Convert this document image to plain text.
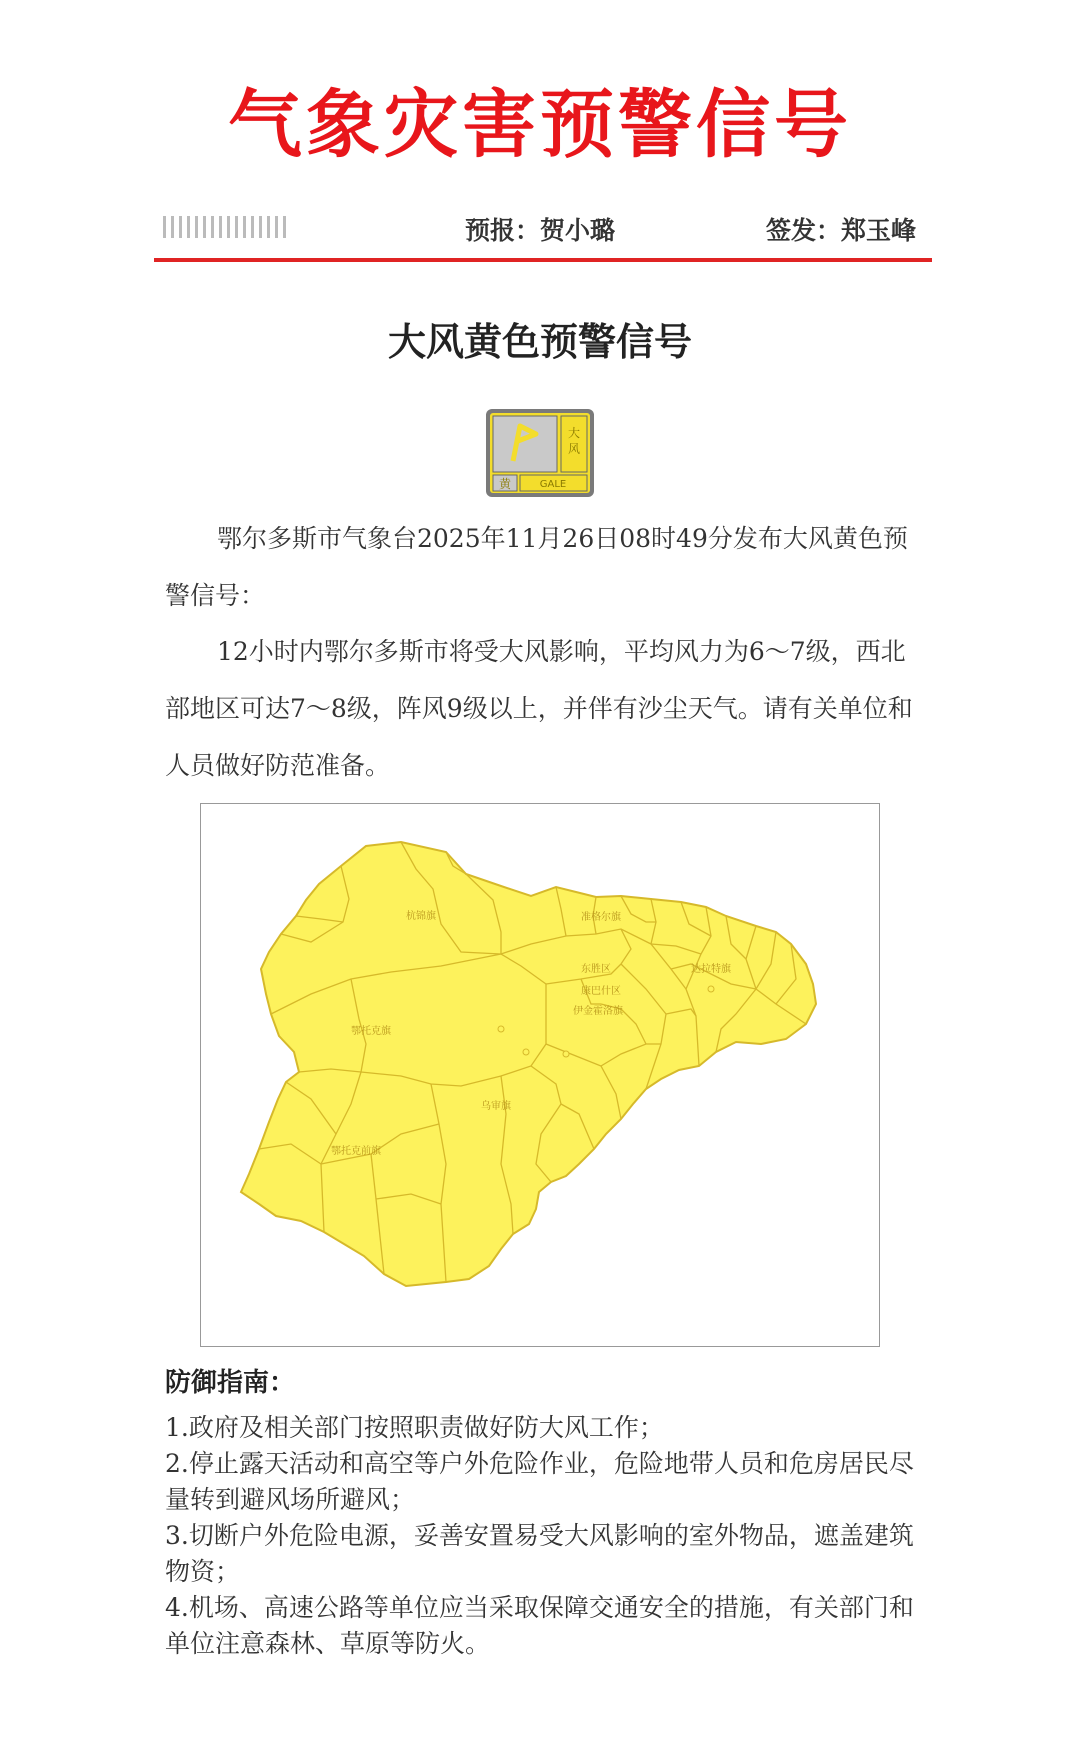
气象灾害预警信号
预报：贺小璐	签发：郑玉峰
大风黄色预警信号
大
风
黄	GALE
鄂尔多斯市气象台2025年11月26日08时49分发布大风黄色预警信号：
12小时内鄂尔多斯市将受大风影响，平均风力为6～7级，西北部地区可达7～8级，阵风9级以上，并伴有沙尘天气。请有关单位和人员做好防范准备。
杭锦旗	准格尔旗
东胜区
伊金霍洛旗
达拉特旗
鄂托克旗
乌审旗
鄂托克前旗
康巴什区
防御指南：
1.政府及相关部门按照职责做好防大风工作；
2.停止露天活动和高空等户外危险作业，危险地带人员和危房居民尽量转到避风场所避风；
3.切断户外危险电源，妥善安置易受大风影响的室外物品，遮盖建筑物资；
4.机场、高速公路等单位应当采取保障交通安全的措施，有关部门和单位注意森林、草原等防火。
